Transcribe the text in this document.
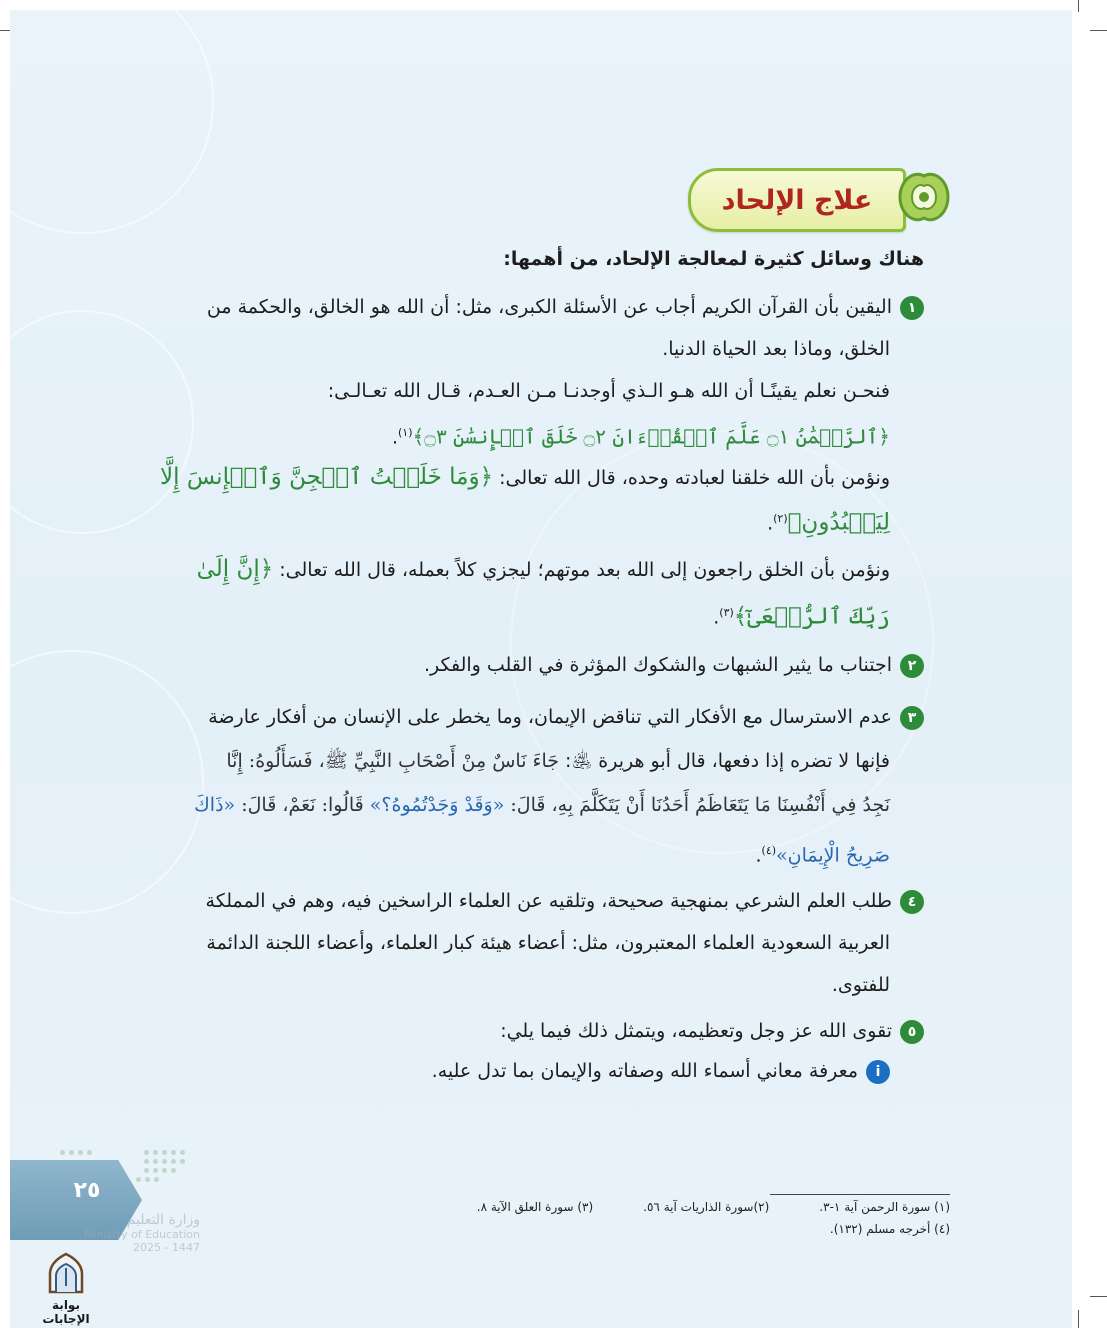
علاج الإلحاد
هناك وسائل كثيرة لمعالجة الإلحاد، من أهمها:
١اليقين بأن القرآن الكريم أجاب عن الأسئلة الكبرى، مثل: أن الله هو الخالق، والحكمة من
الخلق، وماذا بعد الحياة الدنيا.
فنحـن نعلم يقينًـا أن الله هـو الـذي أوجدنـا مـن العـدم، قـال الله تعـالـى:
﴿ٱلرَّحۡمَٰنُ ۝١ عَلَّمَ ٱلۡقُرۡءَانَ ۝٢ خَلَقَ ٱلۡإِنسَٰنَ ۝٣﴾$^{(١)}$.
ونؤمن بأن الله خلقنا لعبادته وحده، قال الله تعالى: ﴿وَمَا خَلَقۡتُ ٱلۡجِنَّ وَٱلۡإِنسَ إِلَّا
لِيَعۡبُدُونِ﴾$^{(٢)}$.
ونؤمن بأن الخلق راجعون إلى الله بعد موتهم؛ ليجزي كلاً بعمله، قال الله تعالى: ﴿إِنَّ إِلَىٰ
رَبِّكَ ٱلرُّجۡعَىٰٓ﴾$^{(٣)}$.
٢اجتناب ما يثير الشبهات والشكوك المؤثرة في القلب والفكر.
٣عدم الاسترسال مع الأفكار التي تناقض الإيمان، وما يخطر على الإنسان من أفكار عارضة
فإنها لا تضره إذا دفعها، قال أبو هريرة ﵁: جَاءَ نَاسٌ مِنْ أَصْحَابِ النَّبِيِّ ﷺ، فَسَأَلُوهُ: إِنَّا
نَجِدُ فِي أَنْفُسِنَا مَا يَتَعَاظَمُ أَحَدُنَا أَنْ يَتَكَلَّمَ بِهِ، قَالَ: «وَقَدْ وَجَدْتُمُوهُ؟» قَالُوا: نَعَمْ، قَالَ: «ذَاكَ
صَرِيحُ الْإِيمَانِ»$^{(٤)}$.
٤طلب العلم الشرعي بمنهجية صحيحة، وتلقيه عن العلماء الراسخين فيه، وهم في المملكة
العربية السعودية العلماء المعتبرون، مثل: أعضاء هيئة كبار العلماء، وأعضاء اللجنة الدائمة
للفتوى.
٥تقوى الله عز وجل وتعظيمه، ويتمثل ذلك فيما يلي:
iمعرفة معاني أسماء الله وصفاته والإيمان بما تدل عليه.
(١) سورة الرحمن آية ١-٣.
(٢)سورة الذاريات آية ٥٦.
(٣) سورة العلق الآية ٨.
(٤) أخرجه مسلم (١٣٢).
٢٥
وزارة التعليم
Ministry of Education
2025 - 1447
بوابة الإجابات
